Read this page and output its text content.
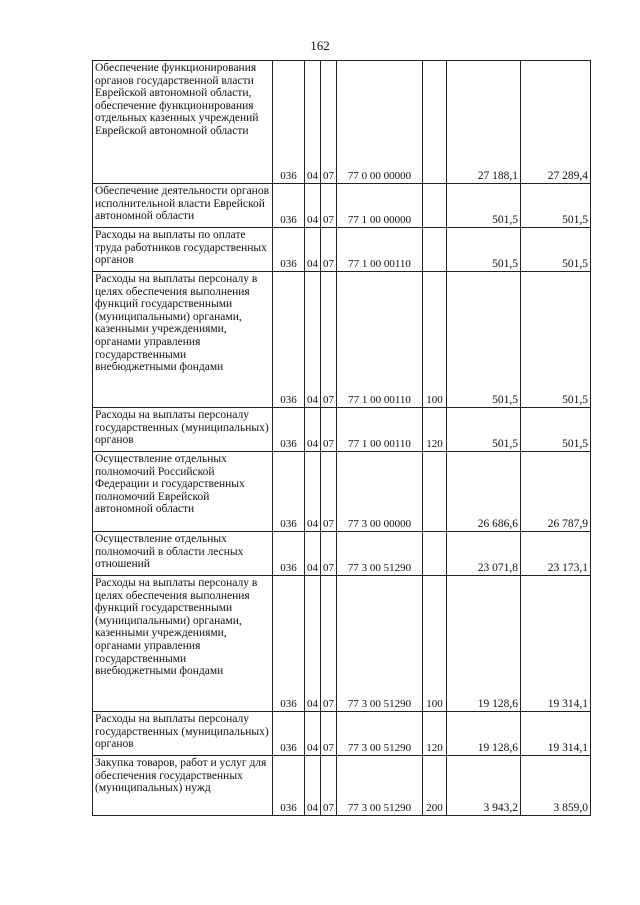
162
Обеспечение функционирования органов государственной власти Еврейской автономной области, обеспечение функционирования отдельных казенных учреждений Еврейской автономной области	036	04	07	77 0 00 00000		27 188,1	27 289,4
Обеспечение деятельности органов исполнительной власти Еврейской автономной области	036	04	07	77 1 00 00000		501,5	501,5
Расходы на выплаты по оплате труда работников государственных органов	036	04	07	77 1 00 00110		501,5	501,5
Расходы на выплаты персоналу в целях обеспечения выполнения функций государственными (муниципальными) органами, казенными учреждениями, органами управления государственными внебюджетными фондами	036	04	07	77 1 00 00110	100	501,5	501,5
Расходы на выплаты персоналу государственных (муниципальных) органов	036	04	07	77 1 00 00110	120	501,5	501,5
Осуществление отдельных полномочий Российской Федерации и государственных полномочий Еврейской автономной области	036	04	07	77 3 00 00000		26 686,6	26 787,9
Осуществление отдельных полномочий в области лесных отношений	036	04	07	77 3 00 51290		23 071,8	23 173,1
Расходы на выплаты персоналу в целях обеспечения выполнения функций государственными (муниципальными) органами, казенными учреждениями, органами управления государственными внебюджетными фондами	036	04	07	77 3 00 51290	100	19 128,6	19 314,1
Расходы на выплаты персоналу государственных (муниципальных) органов	036	04	07	77 3 00 51290	120	19 128,6	19 314,1
Закупка товаров, работ и услуг для обеспечения государственных (муниципальных) нужд	036	04	07	77 3 00 51290	200	3 943,2	3 859,0
